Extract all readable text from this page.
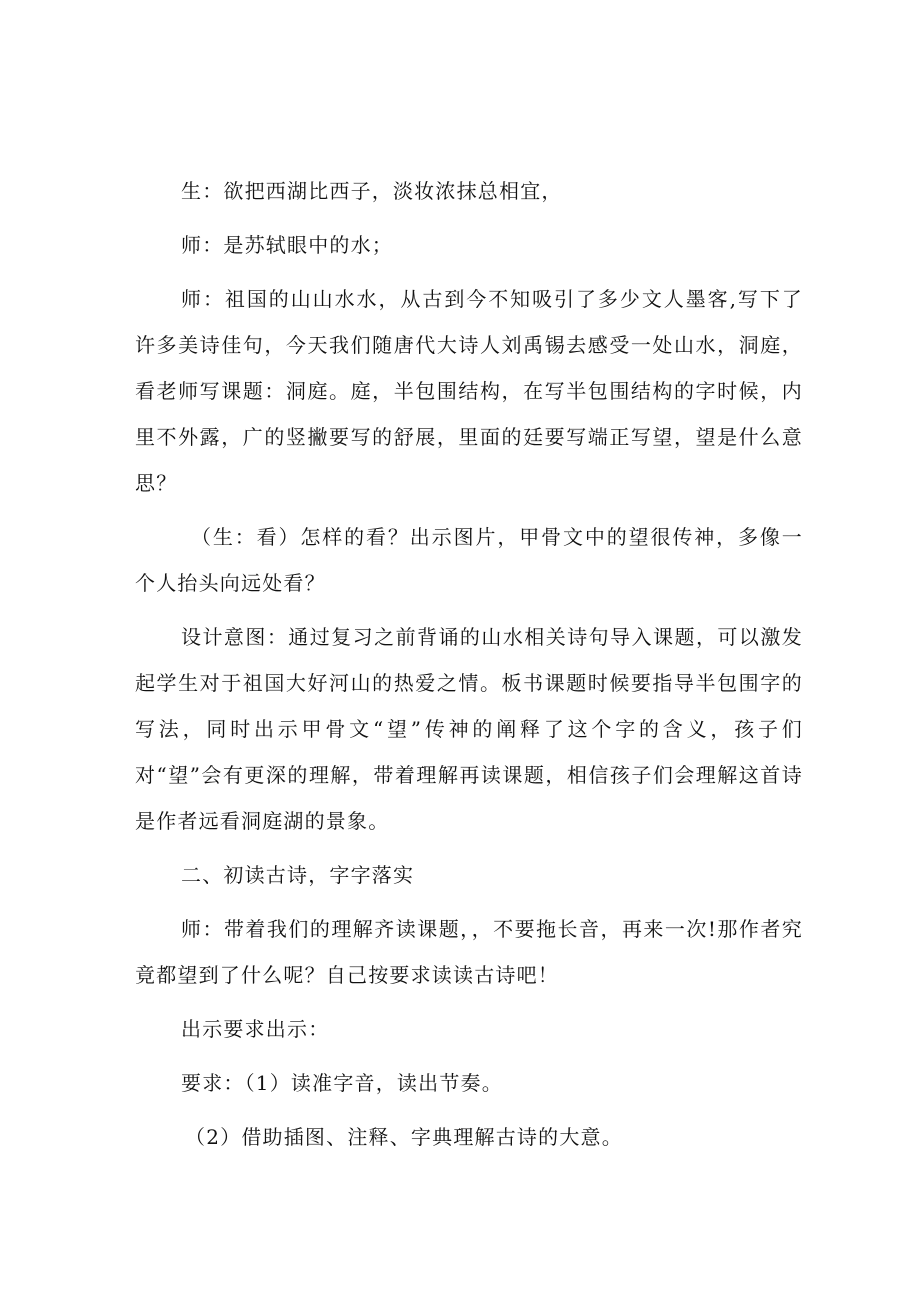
生：欲把西湖比西子，淡妆浓抹总相宜，

师：是苏轼眼中的水；

师：祖国的山山水水，从古到今不知吸引了多少文人墨客,写下了许多美诗佳句，今天我们随唐代大诗人刘禹锡去感受一处山水，洞庭，看老师写课题：洞庭。庭，半包围结构，在写半包围结构的字时候，内里不外露，广的竖撇要写的舒展，里面的廷要写端正写望，望是什么意思？

（生：看）怎样的看？出示图片，甲骨文中的望很传神，多像一个人抬头向远处看？

设计意图：通过复习之前背诵的山水相关诗句导入课题，可以激发起学生对于祖国大好河山的热爱之情。板书课题时候要指导半包围字的写法，同时出示甲骨文“望”传神的阐释了这个字的含义，孩子们对“望”会有更深的理解，带着理解再读课题，相信孩子们会理解这首诗是作者远看洞庭湖的景象。

二、初读古诗，字字落实

师：带着我们的理解齐读课题，，不要拖长音，再来一次!那作者究竟都望到了什么呢？自己按要求读读古诗吧！

出示要求出示：

要求：（1）读准字音，读出节奏。

（2）借助插图、注释、字典理解古诗的大意。
